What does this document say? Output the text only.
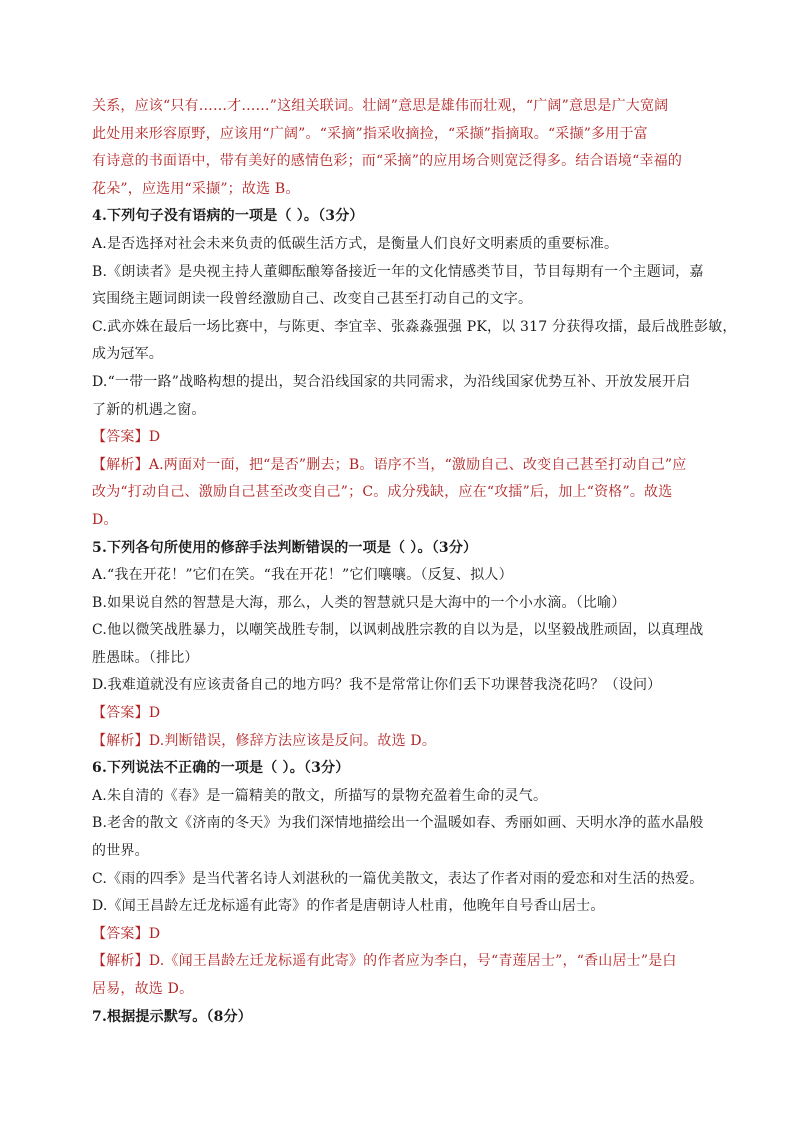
关系，应该“只有……才……”这组关联词。壮阔”意思是雄伟而壮观，“广阔”意思是广大宽阔
此处用来形容原野，应该用“广阔”。“采摘”指采收摘捡，“采撷”指摘取。“采撷”多用于富
有诗意的书面语中，带有美好的感情色彩；而“采摘”的应用场合则宽泛得多。结合语境“幸福的
花朵”，应选用“采撷”；故选 B。
4.下列句子没有语病的一项是（ ）。（3分）
A.是否选择对社会未来负责的低碳生活方式，是衡量人们良好文明素质的重要标准。
B.《朗读者》是央视主持人董卿酝酿筹备接近一年的文化情感类节目，节目每期有一个主题词，嘉
宾围绕主题词朗读一段曾经激励自己、改变自己甚至打动自己的文字。
C.武亦姝在最后一场比赛中，与陈更、李宜幸、张淼淼强强 PK，以 317 分获得攻擂，最后战胜彭敏，
成为冠军。
D.“一带一路”战略构想的提出，契合沿线国家的共同需求，为沿线国家优势互补、开放发展开启
了新的机遇之窗。
【答案】D
【解析】A.两面对一面，把“是否”删去；B。语序不当，“激励自己、改变自己甚至打动自己”应
改为“打动自己、激励自己甚至改变自己”；C。成分残缺，应在“攻擂”后，加上“资格”。故选
D。
5.下列各句所使用的修辞手法判断错误的一项是（ ）。（3分）
A.“我在开花！”它们在笑。“我在开花！”它们嚷嚷。（反复、拟人）
B.如果说自然的智慧是大海，那么，人类的智慧就只是大海中的一个小水滴。（比喻）
C.他以微笑战胜暴力，以嘲笑战胜专制，以讽刺战胜宗教的自以为是，以坚毅战胜顽固，以真理战
胜愚昧。（排比）
D.我难道就没有应该责备自己的地方吗？我不是常常让你们丢下功课替我浇花吗？（设问）
【答案】D
【解析】D.判断错误，修辞方法应该是反问。故选 D。
6.下列说法不正确的一项是（ ）。（3分）
A.朱自清的《春》是一篇精美的散文，所描写的景物充盈着生命的灵气。
B.老舍的散文《济南的冬天》为我们深情地描绘出一个温暖如春、秀丽如画、天明水净的蓝水晶般
的世界。
C.《雨的四季》是当代著名诗人刘湛秋的一篇优美散文，表达了作者对雨的爱恋和对生活的热爱。
D.《闻王昌龄左迁龙标遥有此寄》的作者是唐朝诗人杜甫，他晚年自号香山居士。
【答案】D
【解析】D.《闻王昌龄左迁龙标遥有此寄》的作者应为李白，号“青莲居士”，“香山居士”是白
居易，故选 D。
7.根据提示默写。（8分）
